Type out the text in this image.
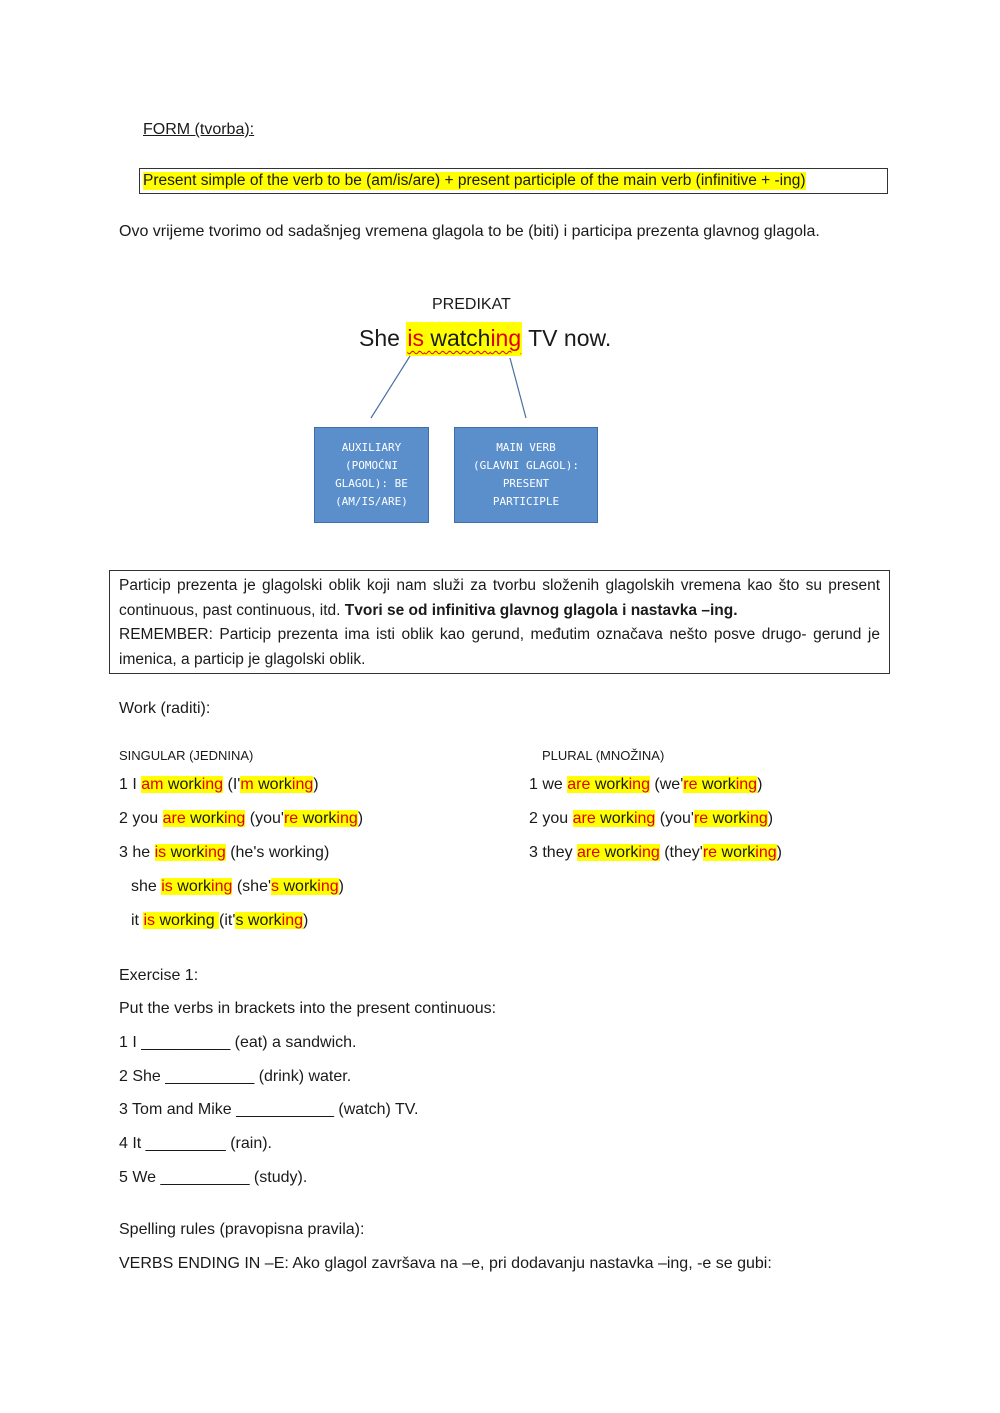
FORM (tvorba):
Present simple of the verb to be (am/is/are) + present participle of the main verb (infinitive + -ing)
Ovo vrijeme tvorimo od sadašnjeg vremena glagola to be (biti) i participa prezenta glavnog glagola.
PREDIKAT
She is watching TV now.
AUXILIARY
(POMOĆNI
GLAGOL): BE
(AM/IS/ARE)
MAIN VERB
(GLAVNI GLAGOL):
PRESENT
PARTICIPLE

Particip prezenta je glagolski oblik koji nam služi za tvorbu složenih glagolskih vremena kao što su present continuous, past continuous, itd. Tvori se od infinitiva glavnog glagola i nastavka –ing.

REMEMBER: Particip prezenta ima isti oblik kao gerund, međutim označava nešto posve drugo- gerund je imenica, a particip je glagolski oblik.

Work (raditi):
SINGULAR (JEDNINA)	PLURAL (MNOŽINA)
1 I am working (I'm working)
2 you are working (you're working)
3 he is working (he's working)
she is working (she's working)
it is working (it's working)
1 we are working (we're working)
2 you are working (you're working)
3 they are working (they're working)
Exercise 1:
Put the verbs in brackets into the present continuous:
1 I __________ (eat) a sandwich.
2 She __________ (drink) water.
3 Tom and Mike ___________ (watch) TV.
4 It _________ (rain).
5 We __________ (study).
Spelling rules (pravopisna pravila):
VERBS ENDING IN –E: Ako glagol završava na –e, pri dodavanju nastavka –ing, -e se gubi:
